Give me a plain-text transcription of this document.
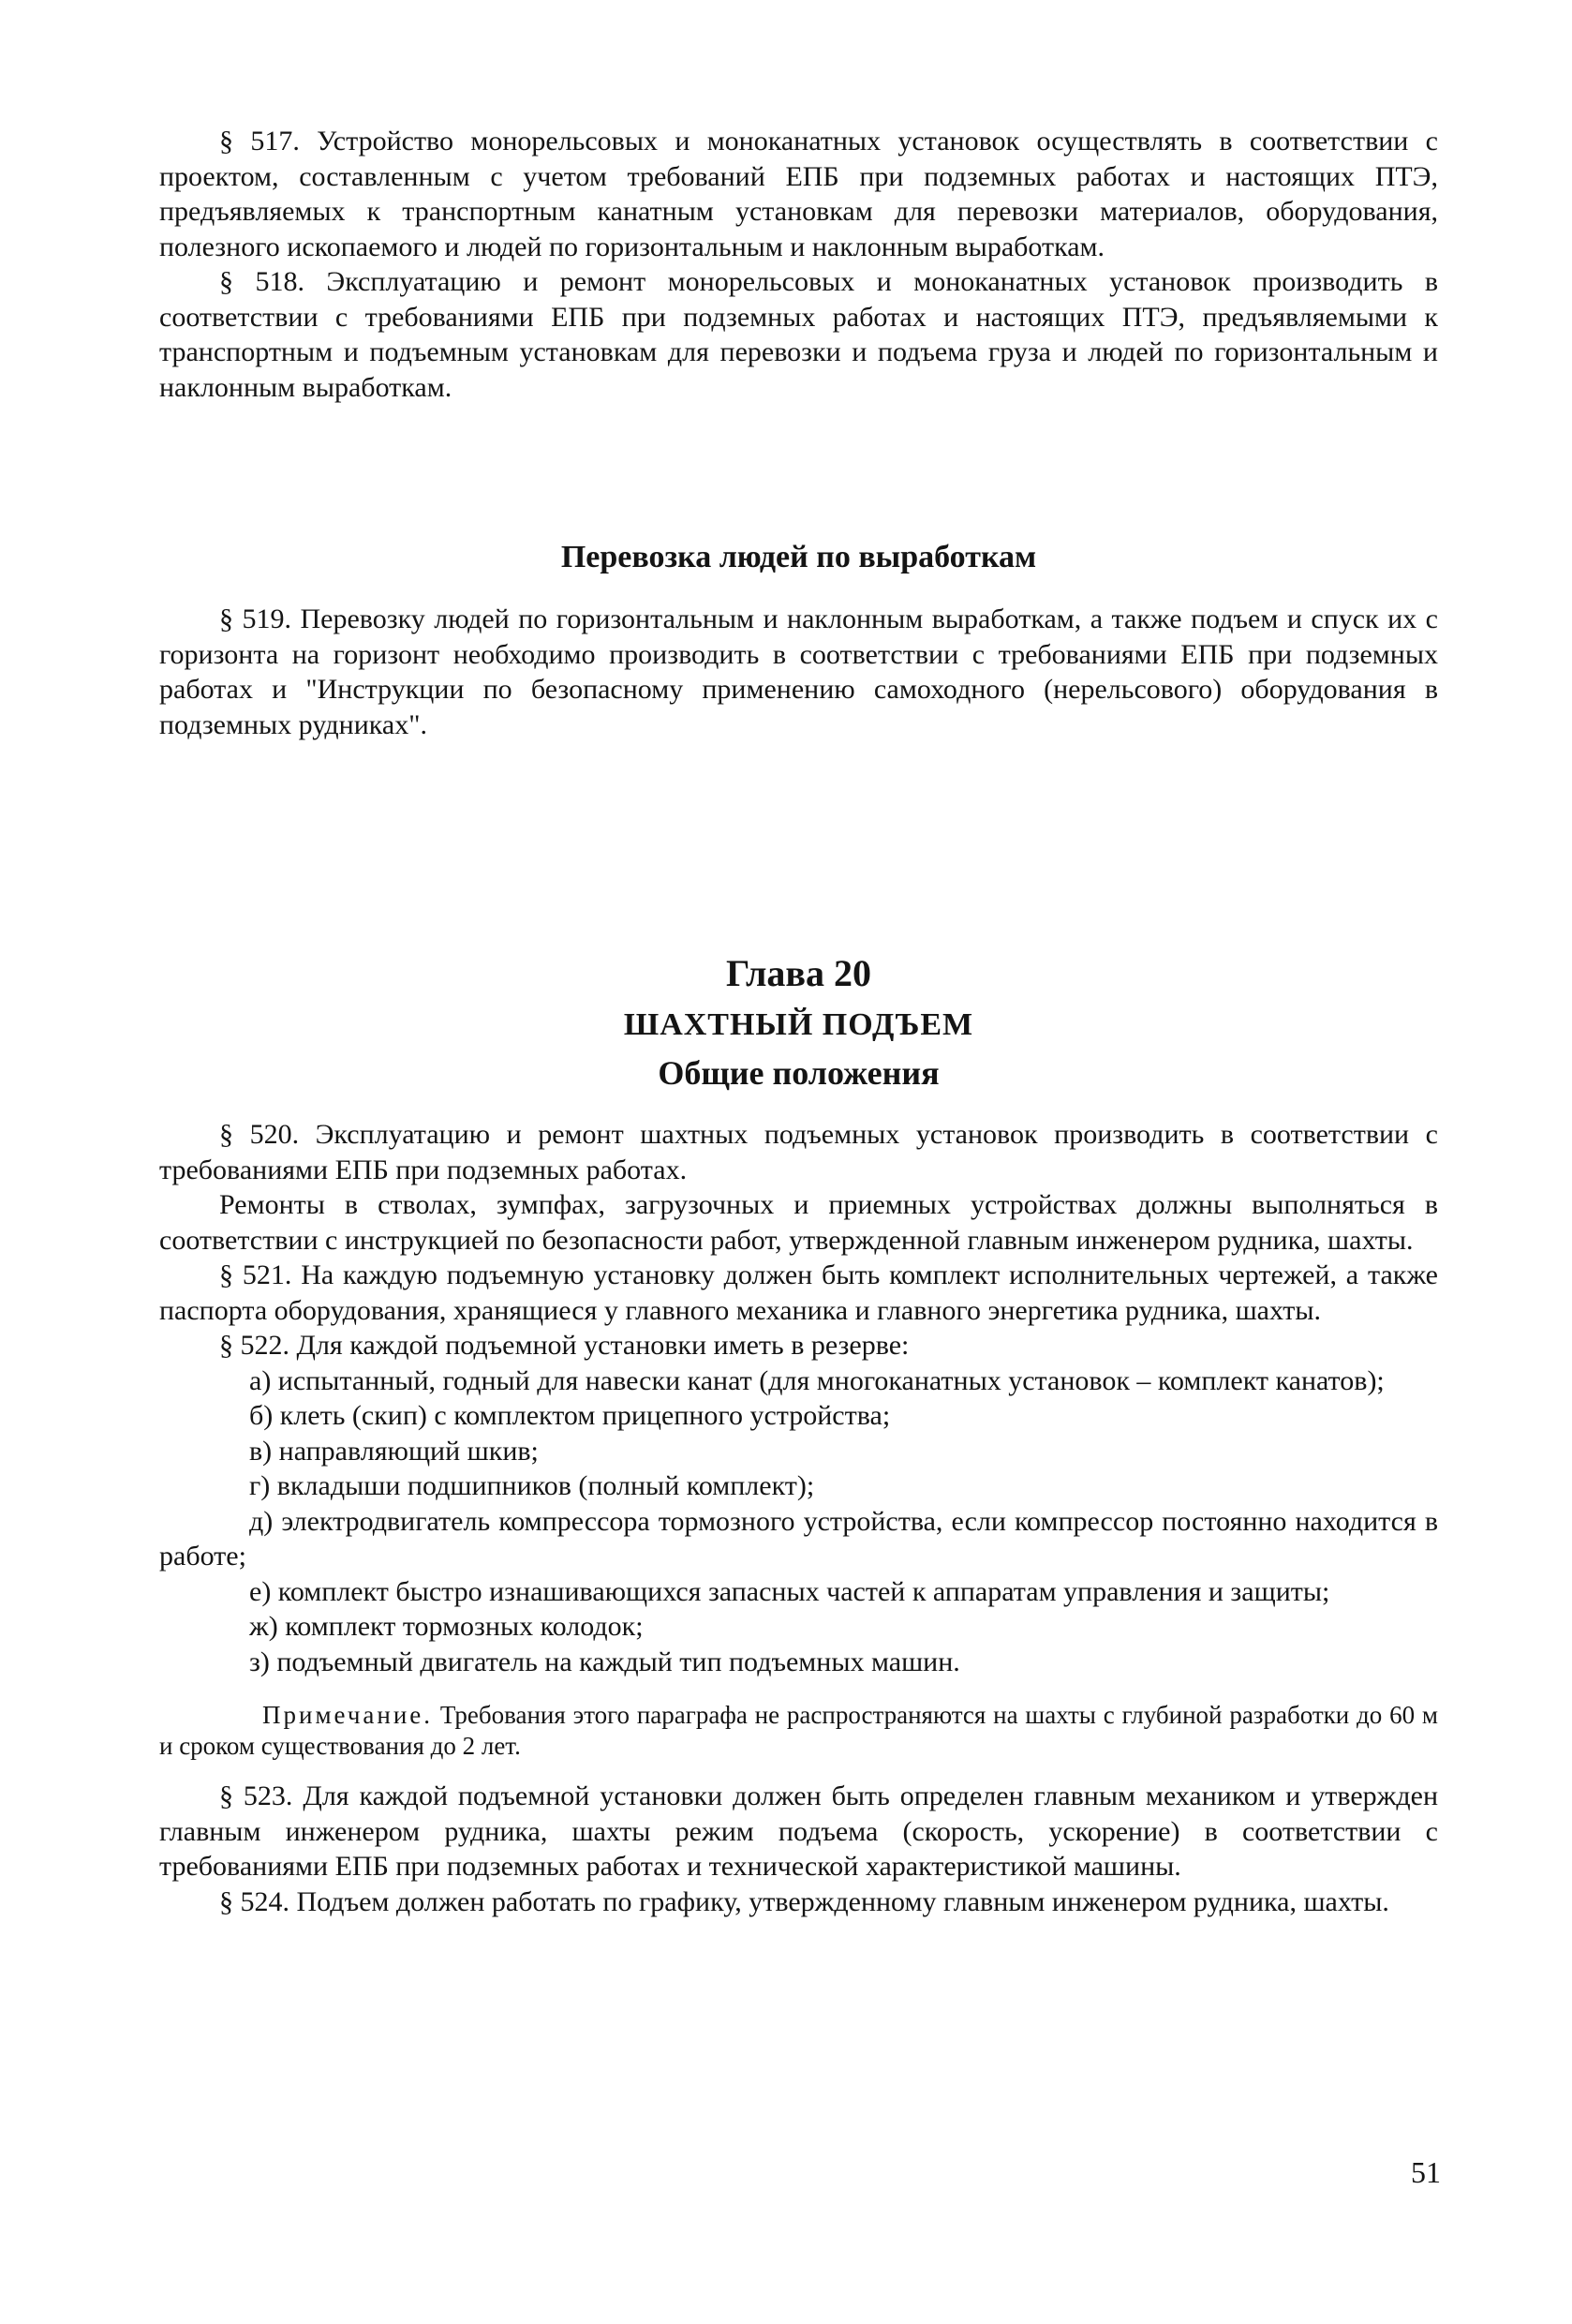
§ 517. Устройство монорельсовых и моноканатных установок осуществлять в соответствии с проектом, составленным с учетом требований ЕПБ при подземных работах и настоящих ПТЭ, предъявляемых к транспортным канатным установкам для перевозки материалов, оборудования, полезного ископаемого и людей по горизонтальным и наклонным выработкам.

§ 518. Эксплуатацию и ремонт монорельсовых и моноканатных установок производить в соответствии с требованиями ЕПБ при подземных работах и настоящих ПТЭ, предъявляемыми к транспортным и подъемным установкам для перевозки и подъема груза и людей по горизонтальным и наклонным выработкам.

Перевозка людей по выработкам

§ 519. Перевозку людей по горизонтальным и наклонным выработкам, а также подъем и спуск их с горизонта на горизонт необходимо производить в соответствии с требованиями ЕПБ при подземных работах и "Инструкции по безопасному применению самоходного (нерельсового) оборудования в подземных рудниках".

Глава 20
ШАХТНЫЙ ПОДЪЕМ
Общие положения

§ 520. Эксплуатацию и ремонт шахтных подъемных установок производить в соответствии с требованиями ЕПБ при подземных работах.

Ремонты в стволах, зумпфах, загрузочных и приемных устройствах должны выполняться в соответствии с инструкцией по безопасности работ, утвержденной главным инженером рудника, шахты.

§ 521. На каждую подъемную установку должен быть комплект исполнительных чертежей, а также паспорта оборудования, хранящиеся у главного механика и главного энергетика рудника, шахты.

§ 522. Для каждой подъемной установки иметь в резерве:

а) испытанный, годный для навески канат (для многоканатных установок – комплект канатов);

б) клеть (скип) с комплектом прицепного устройства;

в) направляющий шкив;

г) вкладыши подшипников (полный комплект);

д) электродвигатель компрессора тормозного устройства, если компрессор постоянно находится в работе;

е) комплект быстро изнашивающихся запасных частей к аппаратам управления и защиты;

ж) комплект тормозных колодок;

з) подъемный двигатель на каждый тип подъемных машин.

Примечание. Требования этого параграфа не распространяются на шахты с глубиной разработки до 60 м и сроком существования до 2 лет.

§ 523. Для каждой подъемной установки должен быть определен главным механиком и утвержден главным инженером рудника, шахты режим подъема (скорость, ускорение) в соответствии с требованиями ЕПБ при подземных работах и технической характеристикой машины.

§ 524. Подъем должен работать по графику, утвержденному главным инженером рудника, шахты.

51
